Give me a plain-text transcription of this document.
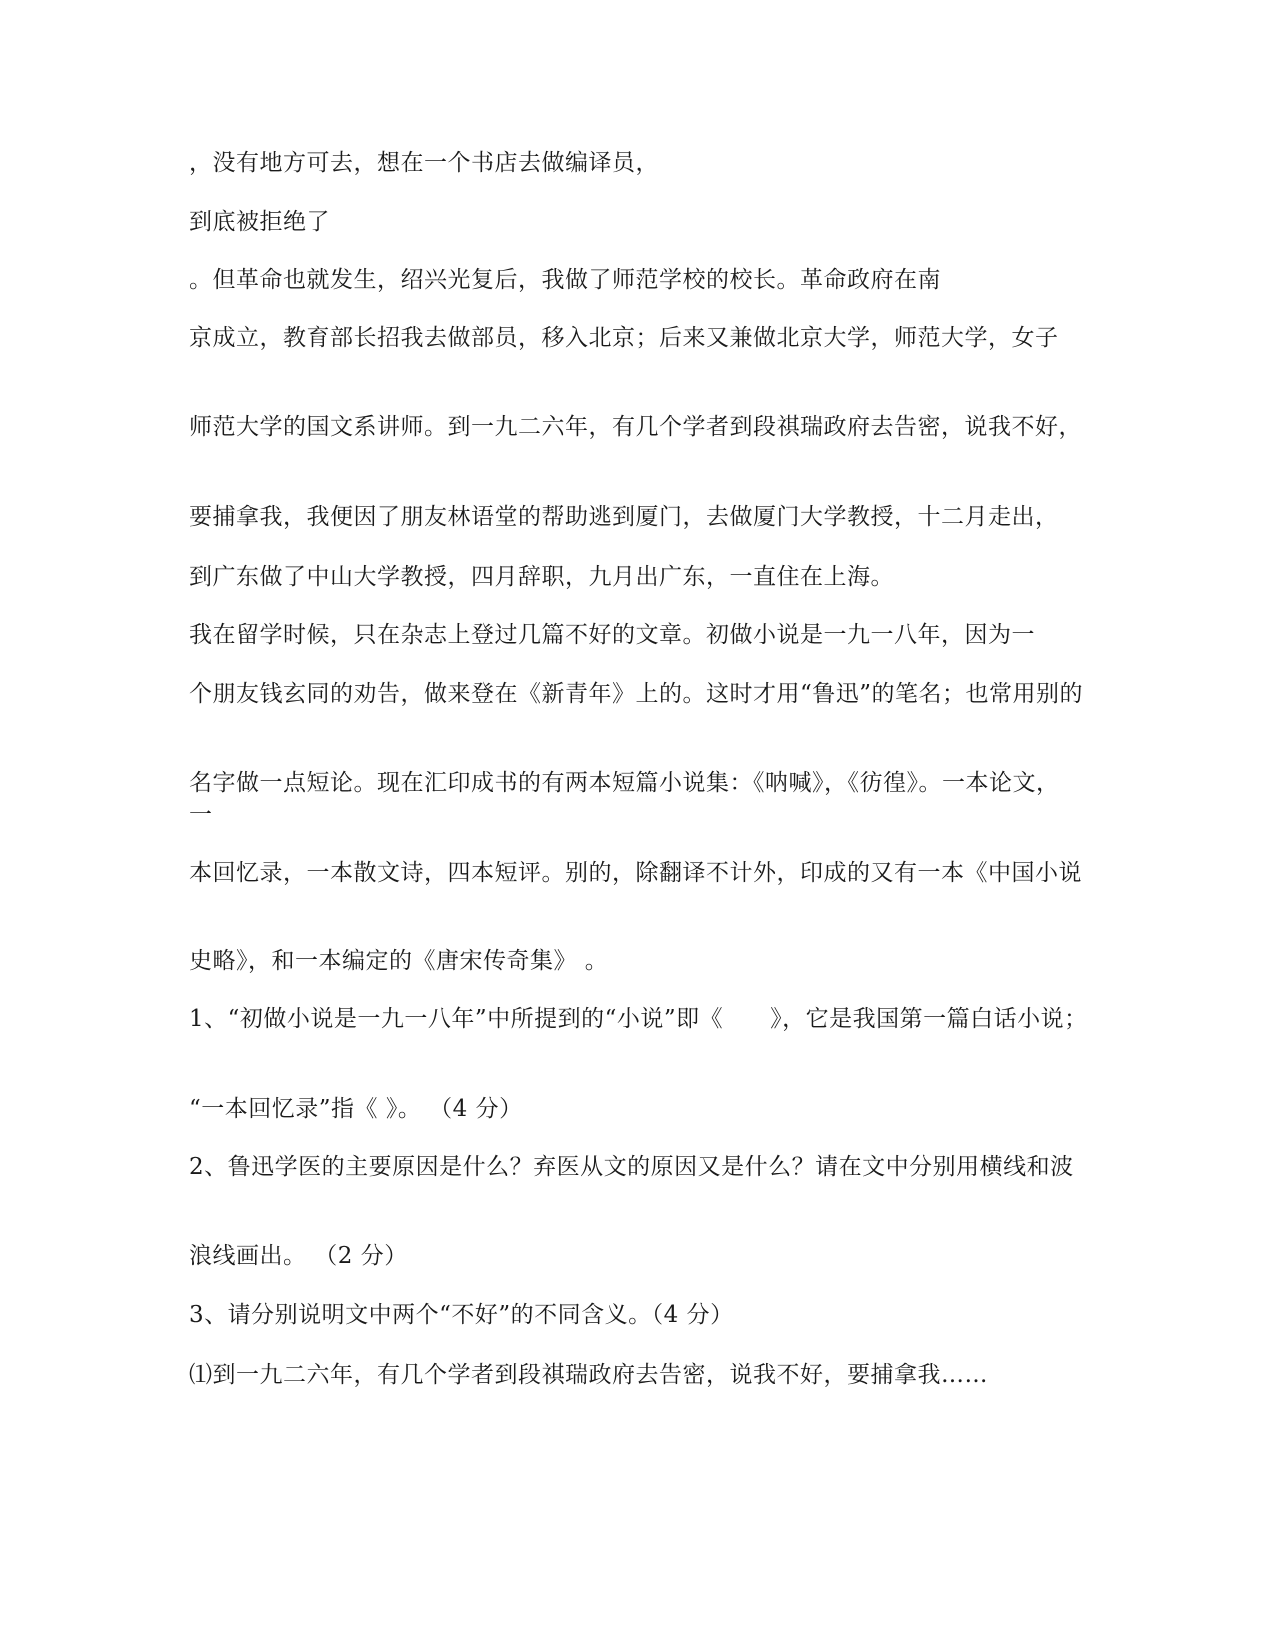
，没有地方可去，想在一个书店去做编译员，

到底被拒绝了

。但革命也就发生，绍兴光复后，我做了师范学校的校长。革命政府在南

京成立，教育部长招我去做部员，移入北京；后来又兼做北京大学，师范大学，女子

师范大学的国文系讲师。到一九二六年，有几个学者到段祺瑞政府去告密，说我不好，

要捕拿我，我便因了朋友林语堂的帮助逃到厦门，去做厦门大学教授，十二月走出，

到广东做了中山大学教授，四月辞职，九月出广东，一直住在上海。

我在留学时候，只在杂志上登过几篇不好的文章。初做小说是一九一八年，因为一

个朋友钱玄同的劝告，做来登在《新青年》上的。这时才用“鲁迅”的笔名；也常用别的

名字做一点短论。现在汇印成书的有两本短篇小说集：《呐喊》，《彷徨》。一本论文， 一

本回忆录，一本散文诗，四本短评。别的，除翻译不计外，印成的又有一本《中国小说

史略》，和一本编定的《唐宋传奇集》 。

1、“初做小说是一九一八年”中所提到的“小说”即《　　》，它是我国第一篇白话小说；

“一本回忆录”指《 》。 （4 分）

2、鲁迅学医的主要原因是什么？弃医从文的原因又是什么？请在文中分别用横线和波

浪线画出。 （2 分）

3、请分别说明文中两个“不好”的不同含义。（4 分）

⑴到一九二六年，有几个学者到段祺瑞政府去告密，说我不好，要捕拿我……
